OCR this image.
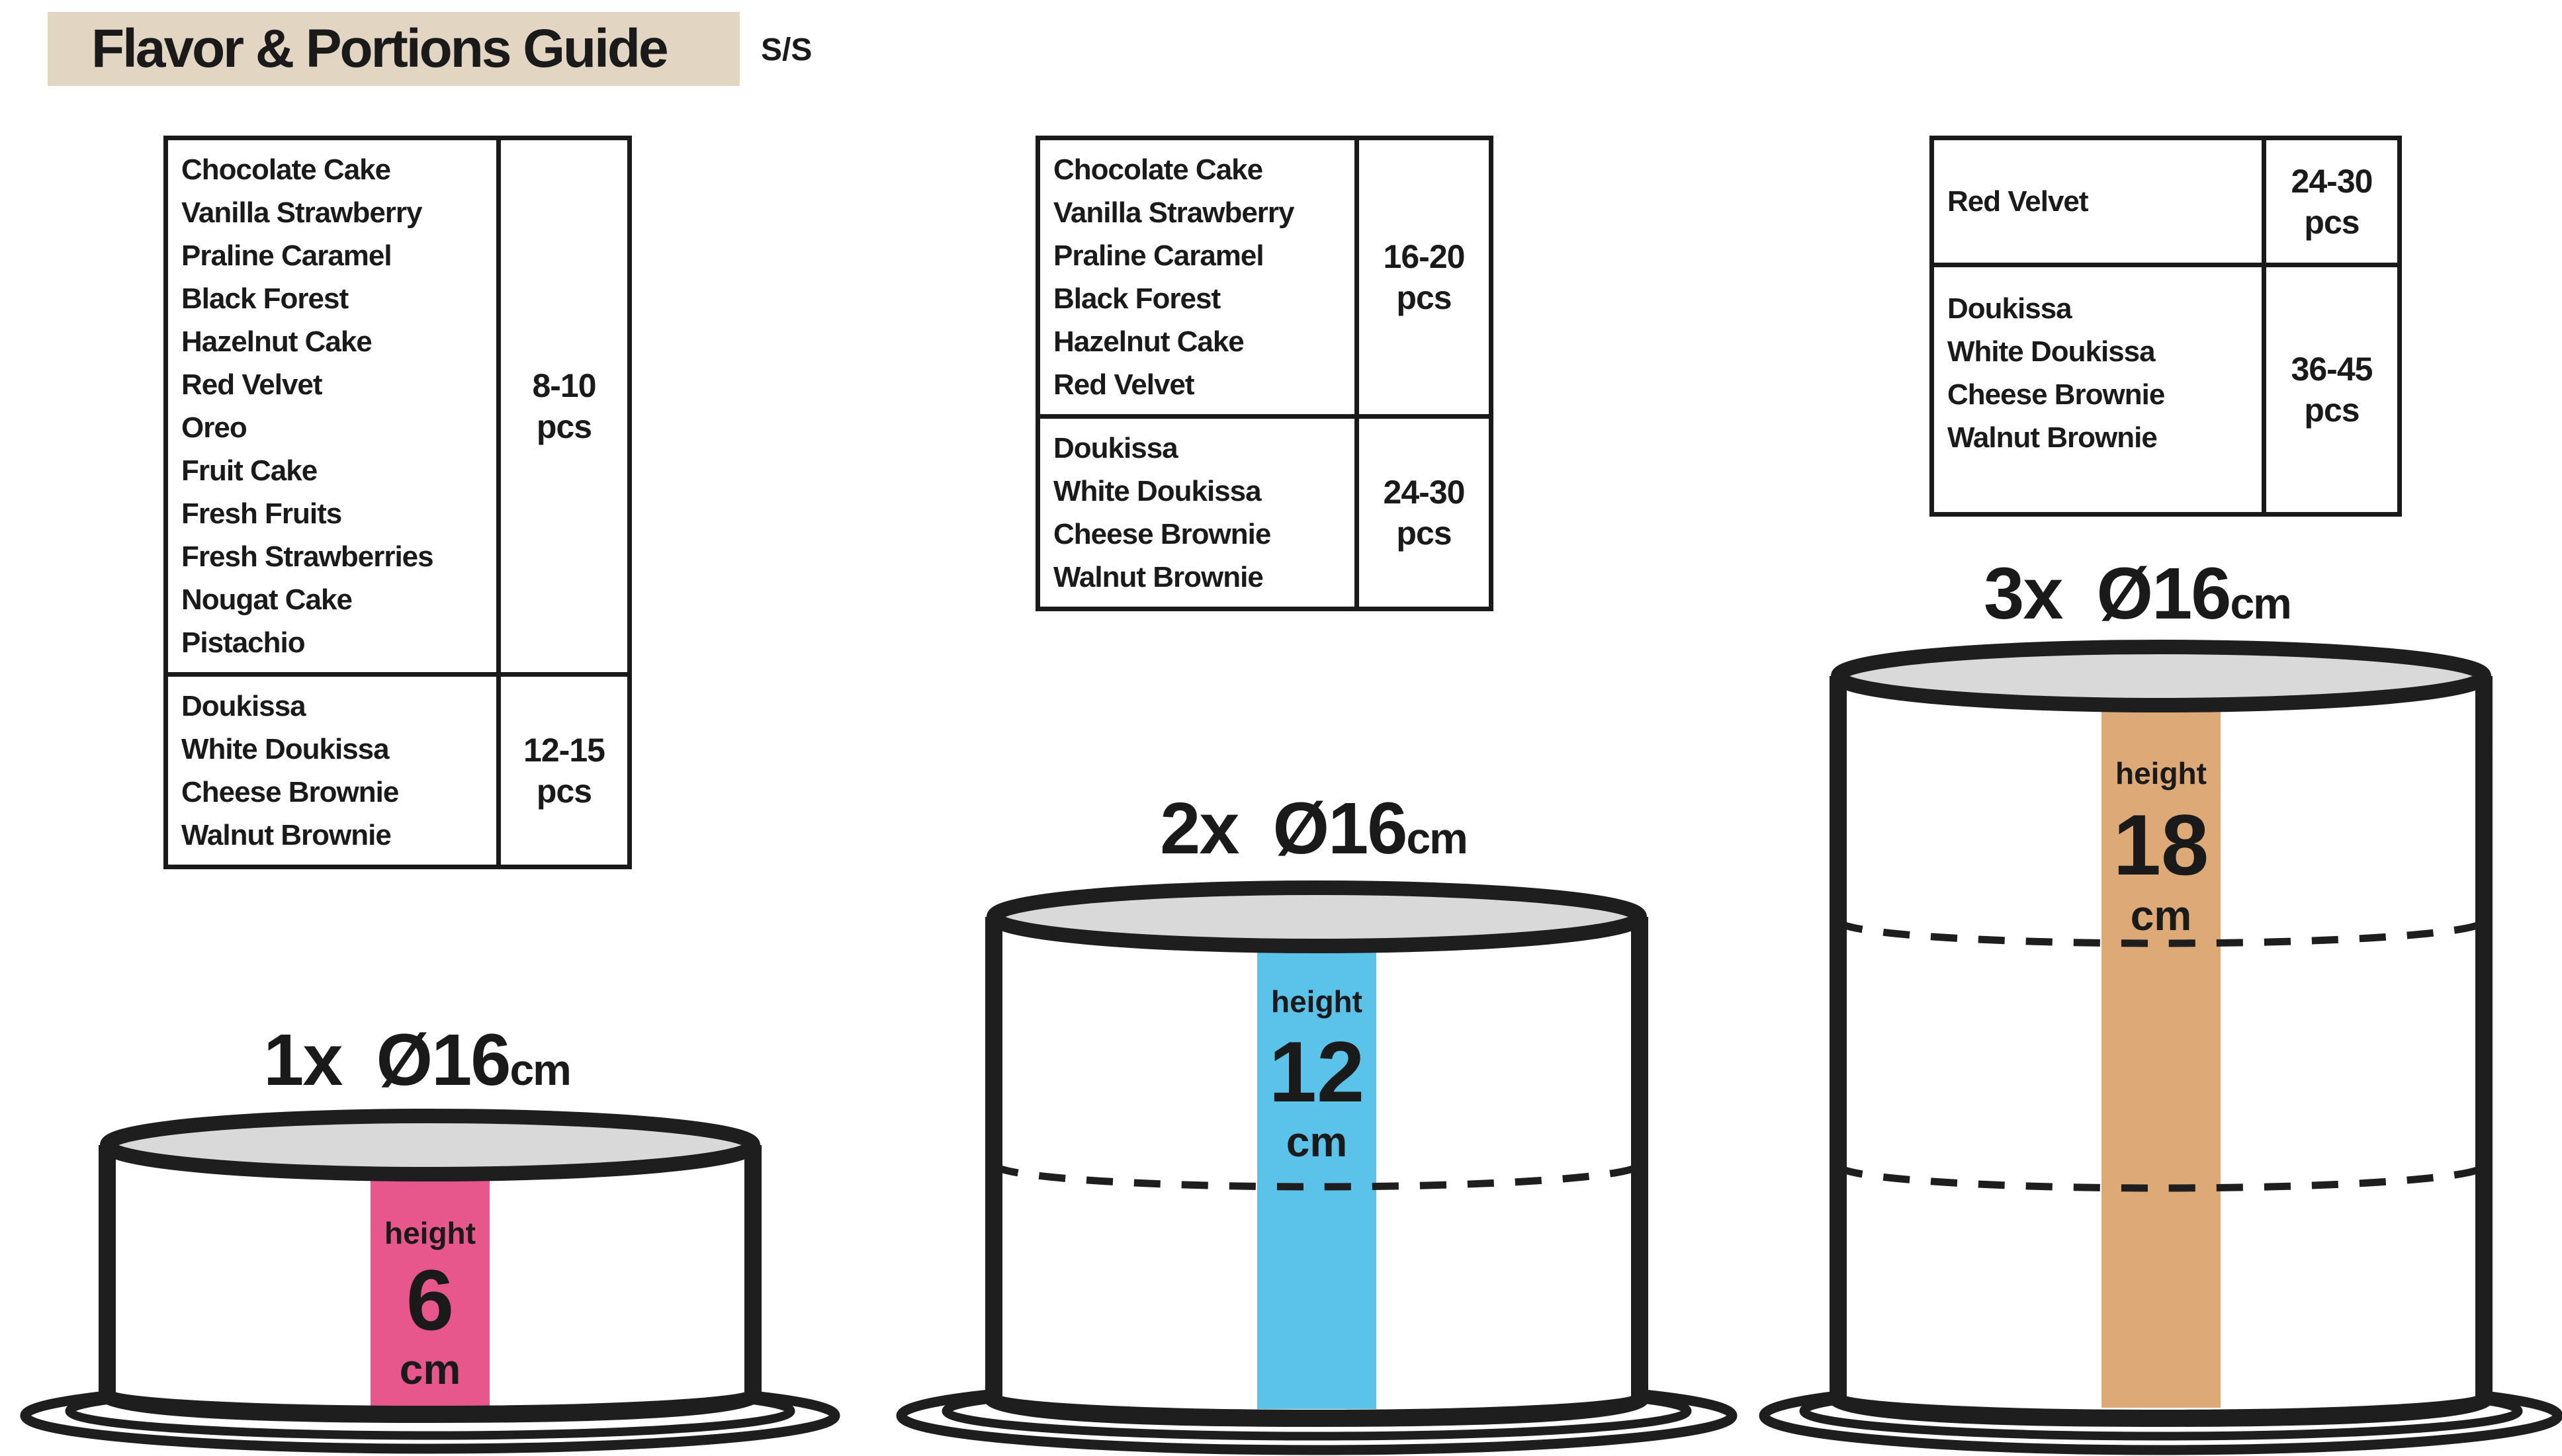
Flavor & Portions Guide	S/S
Chocolate Cake
Vanilla Strawberry
Praline Caramel
Black Forest
Hazelnut Cake
Red Velvet
Oreo
Fruit Cake
Fresh Fruits
Fresh Strawberries
Nougat Cake
Pistachio
8-10
pcs
Doukissa
White Doukissa
Cheese Brownie
Walnut Brownie
12-15
pcs
Chocolate Cake
Vanilla Strawberry
Praline Caramel
Black Forest
Hazelnut Cake
Red Velvet
16-20
pcs
Doukissa
White Doukissa
Cheese Brownie
Walnut Brownie
24-30
pcs
Red Velvet
24-30
pcs
Doukissa
White Doukissa
Cheese Brownie
Walnut Brownie
36-45
pcs
1x Ø16cm
height
6
cm
2x Ø16cm
height
12
cm
3x Ø16cm
height
18
cm
